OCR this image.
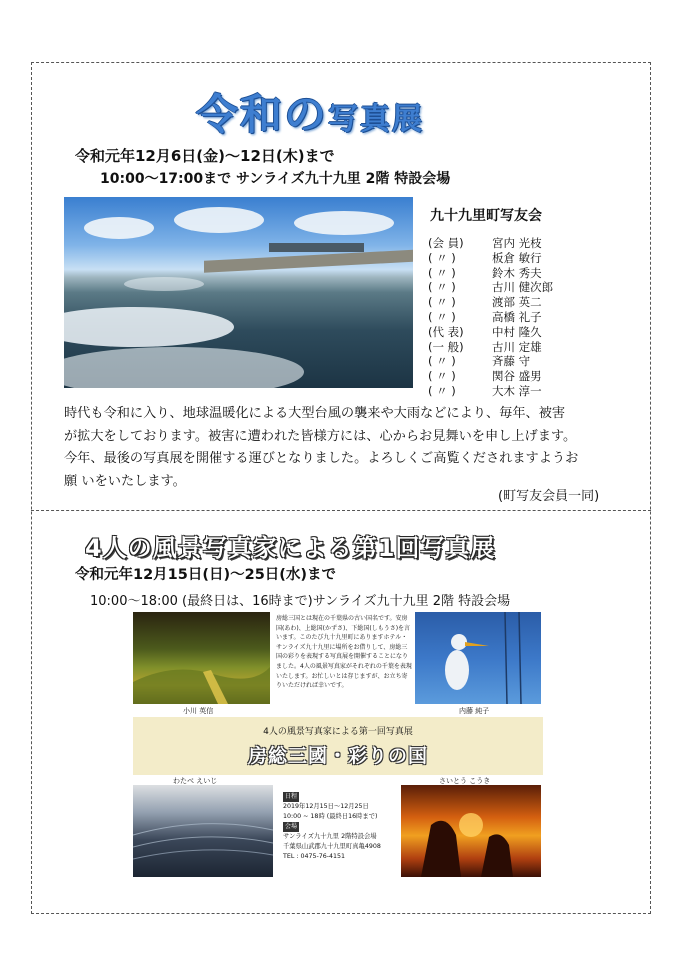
令和の写真展
令和元年12月6日(金)〜12日(木)まで
10:00〜17:00まで サンライズ九十九里 2階 特設会場
九十九里町写友会
(会 員) 宮内 光枝
( 〃 )	板倉 敏行
( 〃 )	鈴木 秀夫
( 〃 )	古川 健次郎
( 〃 )	渡部 英二
( 〃 )	高橋 礼子
(代 表) 中村 隆久
(一 般) 古川 定雄
( 〃 )	斉藤 守
( 〃 )	関谷 盛男
( 〃 )	大木 淳一

時代も令和に入り、地球温暖化による大型台風の襲来や大雨などにより、毎年、被害

が拡大をしております。被害に遭われた皆様方には、心からお見舞いを申し上げます。

今年、最後の写真展を開催する運びとなりました。よろしくご高覧くだされますようお

願 いをいたします。

(町写友会員一同)
4人の風景写真家による第1回写真展
令和元年12月15日(日)〜25日(水)まで
10:00〜18:00 (最終日は、16時まで)サンライズ九十九里 2階 特設会場
房総三国とは現在の千葉県の古い国名です。安房国(あわ)、上総国(かずさ)、下総国(しもうさ)を言います。このたび九十九里町にありますホテル・サンライズ九十九里に場所をお借りして、房総三国の彩りを表現する写真展を開催することになりました。4人の風景写真家がそれぞれの千葉を表現いたします。お忙しいとは存じますが、お立ち寄りいただければ幸いです。
小川 英信	内藤 純子
4人の風景写真家による第一回写真展
房総三國・彩りの国
わたべ えいじ	さいとう こうき
日程
2019年12月15日〜12月25日
10:00 ~ 18時 (最終日16時まで)
会場
サンライズ九十九里 2階特設会場
千葉県山武郡九十九里町真亀4908
TEL : 0475-76-4151
